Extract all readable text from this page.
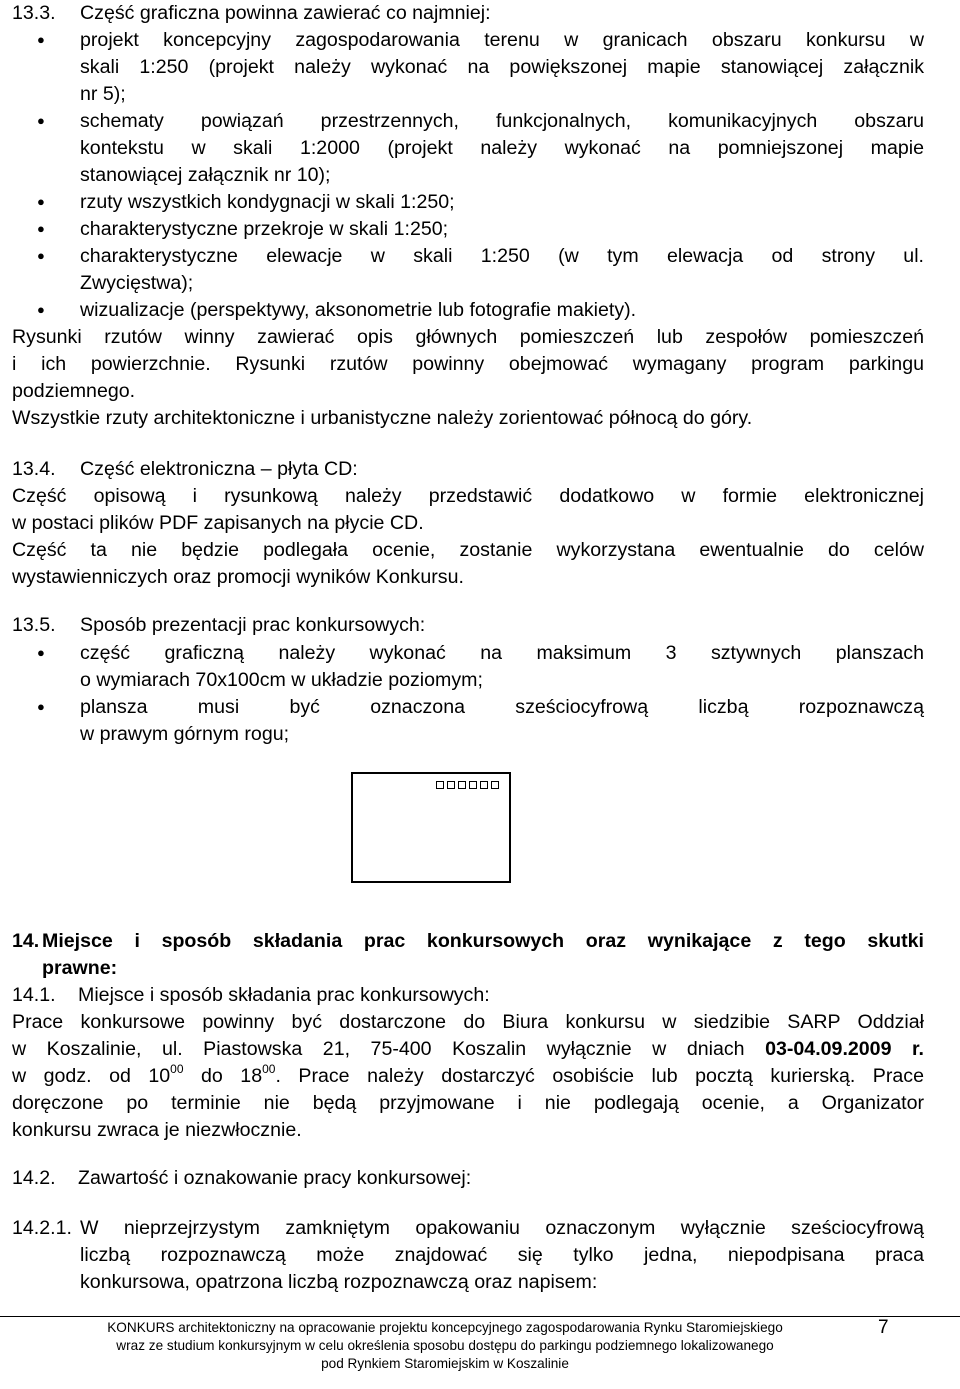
13.3. Część graficzna powinna zawierać co najmniej:
● projekt koncepcyjny zagospodarowania terenu w granicach obszaru konkursu w
skali 1:250 (projekt należy wykonać na powiększonej mapie stanowiącej załącznik
nr 5);
● schematy powiązań przestrzennych, funkcjonalnych, komunikacyjnych obszaru
kontekstu w skali 1:2000 (projekt należy wykonać na pomniejszonej mapie
stanowiącej załącznik nr 10);
● rzuty wszystkich kondygnacji w skali 1:250;
● charakterystyczne przekroje w skali 1:250;
● charakterystyczne elewacje w skali 1:250 (w tym elewacja od strony ul.
Zwycięstwa);
● wizualizacje (perspektywy, aksonometrie lub fotografie makiety).
Rysunki rzutów winny zawierać opis głównych pomieszczeń lub zespołów pomieszczeń
i ich powierzchnie. Rysunki rzutów powinny obejmować wymagany program parkingu
podziemnego.
Wszystkie rzuty architektoniczne i urbanistyczne należy zorientować północą do góry.
13.4. Część elektroniczna – płyta CD:
Część opisową i rysunkową należy przedstawić dodatkowo w formie elektronicznej
w postaci plików PDF zapisanych na płycie CD.
Część ta nie będzie podlegała ocenie, zostanie wykorzystana ewentualnie do celów
wystawienniczych oraz promocji wyników Konkursu.
13.5. Sposób prezentacji prac konkursowych:
● część graficzną należy wykonać na maksimum 3 sztywnych planszach
o wymiarach 70x100cm w układzie poziomym;
● plansza musi być oznaczona sześciocyfrową liczbą rozpoznawczą
w prawym górnym rogu;
14. Miejsce i sposób składania prac konkursowych oraz wynikające z tego skutki
prawne:
14.1. Miejsce i sposób składania prac konkursowych:
Prace konkursowe powinny być dostarczone do Biura konkursu w siedzibie SARP Oddział
w Koszalinie, ul. Piastowska 21, 75-400 Koszalin wyłącznie w dniach 03-04.09.2009 r.
w godz. od $10^{00}$ do $18^{00}$. Prace należy dostarczyć osobiście lub pocztą kurierską. Prace
doręczone po terminie nie będą przyjmowane i nie podlegają ocenie, a Organizator
konkursu zwraca je niezwłocznie.
14.2. Zawartość i oznakowanie pracy konkursowej:
14.2.1. W nieprzejrzystym zamkniętym opakowaniu oznaczonym wyłącznie sześciocyfrową
liczbą rozpoznawczą może znajdować się tylko jedna, niepodpisana praca
konkursowa, opatrzona liczbą rozpoznawczą oraz napisem:
KONKURS architektoniczny na opracowanie projektu koncepcyjnego zagospodarowania Rynku Staromiejskiego
wraz ze studium konkursyjnym w celu określenia sposobu dostępu do parkingu podziemnego lokalizowanego
pod Rynkiem Staromiejskim w Koszalinie
7
